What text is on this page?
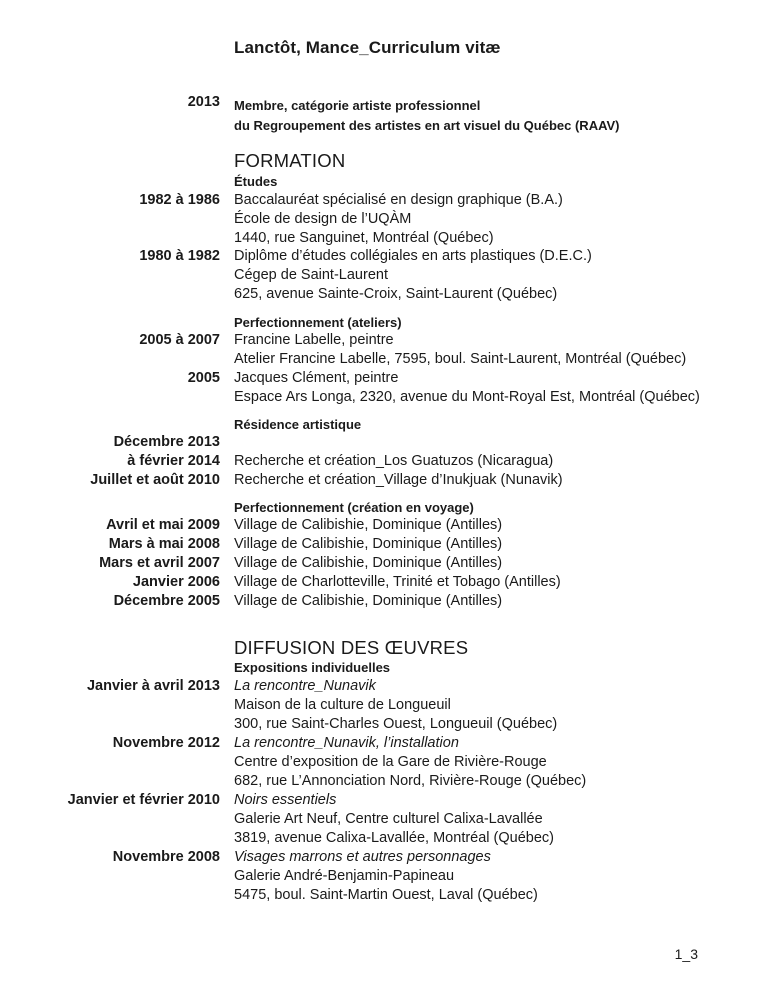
Lanctôt, Mance_Curriculum vitæ
2013 Membre, catégorie artiste professionnel
du Regroupement des artistes en art visuel du Québec (RAAV)
FORMATION
Études
1982 à 1986 Baccalauréat spécialisé en design graphique (B.A.)
École de design de l’UQÀM
1440, rue Sanguinet, Montréal (Québec)
1980 à 1982 Diplôme d’études collégiales en arts plastiques (D.E.C.)
Cégep de Saint-Laurent
625, avenue Sainte-Croix, Saint-Laurent (Québec)
Perfectionnement (ateliers)
2005 à 2007 Francine Labelle, peintre
Atelier Francine Labelle, 7595, boul. Saint-Laurent, Montréal (Québec)
2005 Jacques Clément, peintre
Espace Ars Longa, 2320, avenue du Mont-Royal Est, Montréal (Québec)
Résidence artistique
Décembre 2013
à février 2014 Recherche et création_Los Guatuzos (Nicaragua)
Juillet et août 2010 Recherche et création_Village d’Inukjuak (Nunavik)
Perfectionnement (création en voyage)
Avril et mai 2009 Village de Calibishie, Dominique (Antilles)
Mars à mai 2008 Village de Calibishie, Dominique (Antilles)
Mars et avril 2007 Village de Calibishie, Dominique (Antilles)
Janvier 2006 Village de Charlotteville, Trinité et Tobago (Antilles)
Décembre 2005 Village de Calibishie, Dominique (Antilles)
DIFFUSION DES ŒUVRES
Expositions individuelles
Janvier à avril 2013 La rencontre_Nunavik
Maison de la culture de Longueuil
300, rue Saint-Charles Ouest, Longueuil (Québec)
Novembre 2012 La rencontre_Nunavik, l’installation
Centre d’exposition de la Gare de Rivière-Rouge
682, rue L’Annonciation Nord, Rivière-Rouge (Québec)
Janvier et février 2010 Noirs essentiels
Galerie Art Neuf, Centre culturel Calixa-Lavallée
3819, avenue Calixa-Lavallée, Montréal (Québec)
Novembre 2008 Visages marrons et autres personnages
Galerie André-Benjamin-Papineau
5475, boul. Saint-Martin Ouest, Laval (Québec)
1_3
